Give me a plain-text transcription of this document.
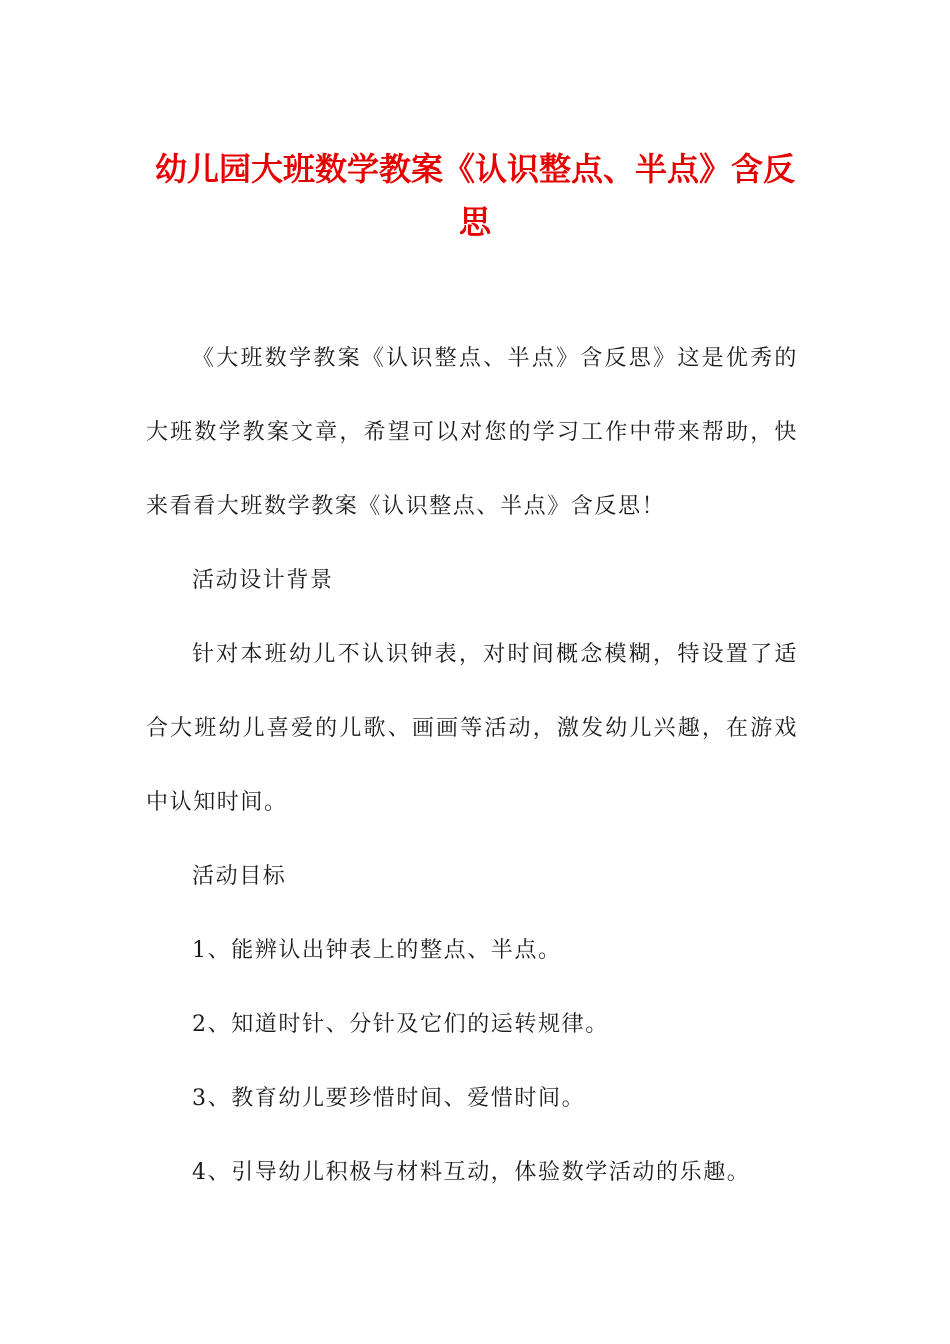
幼儿园大班数学教案《认识整点、半点》含反思

《大班数学教案《认识整点、半点》含反思》这是优秀的大班数学教案文章，希望可以对您的学习工作中带来帮助，快来看看大班数学教案《认识整点、半点》含反思！

活动设计背景

针对本班幼儿不认识钟表，对时间概念模糊，特设置了适合大班幼儿喜爱的儿歌、画画等活动，激发幼儿兴趣，在游戏中认知时间。

活动目标

1、能辨认出钟表上的整点、半点。

2、知道时针、分针及它们的运转规律。

3、教育幼儿要珍惜时间、爱惜时间。

4、引导幼儿积极与材料互动，体验数学活动的乐趣。
